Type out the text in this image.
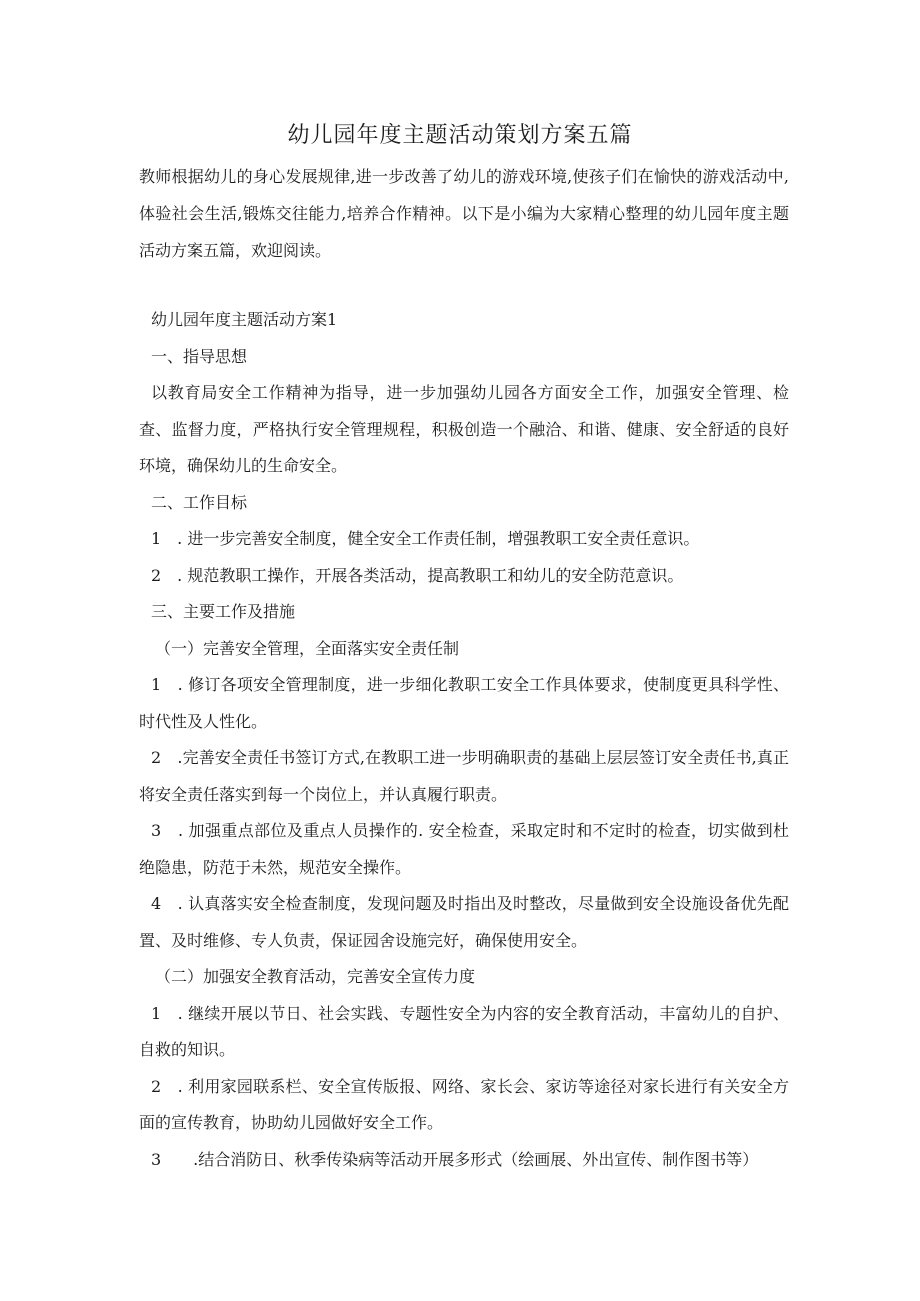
幼儿园年度主题活动策划方案五篇

教师根据幼儿的身心发展规律,进一步改善了幼儿的游戏环境,使孩子们在愉快的游戏活动中,体验社会生活,锻炼交往能力,培养合作精神。以下是小编为大家精心整理的幼儿园年度主题活动方案五篇，欢迎阅读。

幼儿园年度主题活动方案1

一、指导思想

以教育局安全工作精神为指导，进一步加强幼儿园各方面安全工作，加强安全管理、检查、监督力度，严格执行安全管理规程，积极创造一个融洽、和谐、健康、安全舒适的良好环境，确保幼儿的生命安全。

二、工作目标

1　. 进一步完善安全制度，健全安全工作责任制，增强教职工安全责任意识。

2　. 规范教职工操作，开展各类活动，提高教职工和幼儿的安全防范意识。

三、主要工作及措施

（一）完善安全管理，全面落实安全责任制

1　. 修订各项安全管理制度，进一步细化教职工安全工作具体要求，使制度更具科学性、时代性及人性化。

2　.完善安全责任书签订方式,在教职工进一步明确职责的基础上层层签订安全责任书,真正将安全责任落实到每一个岗位上，并认真履行职责。

3　. 加强重点部位及重点人员操作的. 安全检查，采取定时和不定时的检查，切实做到杜绝隐患，防范于未然，规范安全操作。

4　. 认真落实安全检查制度，发现问题及时指出及时整改，尽量做到安全设施设备优先配置、及时维修、专人负责，保证园舍设施完好，确保使用安全。

（二）加强安全教育活动，完善安全宣传力度

1　. 继续开展以节日、社会实践、专题性安全为内容的安全教育活动，丰富幼儿的自护、自救的知识。

2　. 利用家园联系栏、安全宣传版报、网络、家长会、家访等途径对家长进行有关安全方面的宣传教育，协助幼儿园做好安全工作。

3　　.结合消防日、秋季传染病等活动开展多形式（绘画展、外出宣传、制作图书等）
